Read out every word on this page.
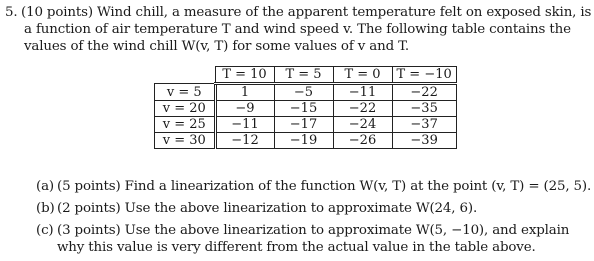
5. (10 points) Wind chill, a measure of the apparent temperature felt on exposed skin, is
a function of air temperature T and wind speed v. The following table contains the
values of the wind chill W(v, T) for some values of v and T.
	T = 10	T = 5	T = 0	T = −10
v = 5	1	−5	−11	−22
v = 20	−9	−15	−22	−35
v = 25	−11	−17	−24	−37
v = 30	−12	−19	−26	−39
(a) (5 points) Find a linearization of the function W(v, T) at the point (v, T) = (25, 5).
(b) (2 points) Use the above linearization to approximate W(24, 6).
(c) (3 points) Use the above linearization to approximate W(5, −10), and explain
why this value is very different from the actual value in the table above.
